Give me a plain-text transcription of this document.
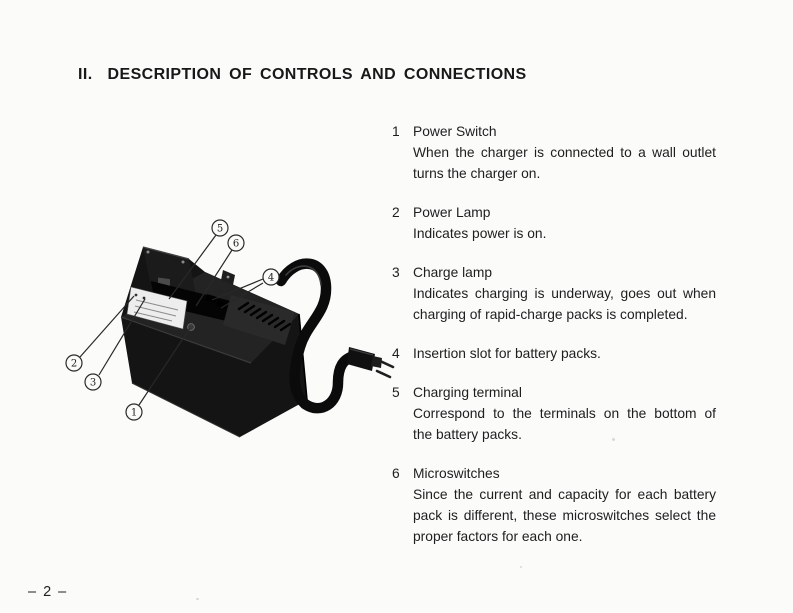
II. DESCRIPTION OF CONTROLS AND CONNECTIONS
5
6
4
2
3
1
1 Power Switch
When the charger is connected to a wall outlet
turns the charger on.
2 Power Lamp
Indicates power is on.
3 Charge lamp
Indicates charging is underway, goes out when
charging of rapid-charge packs is completed.
4 Insertion slot for battery packs.
5 Charging terminal
Correspond to the terminals on the bottom of
the battery packs.
6 Microswitches
Since the current and capacity for each battery
pack is different, these microswitches select the
proper factors for each one.
– 2 –
